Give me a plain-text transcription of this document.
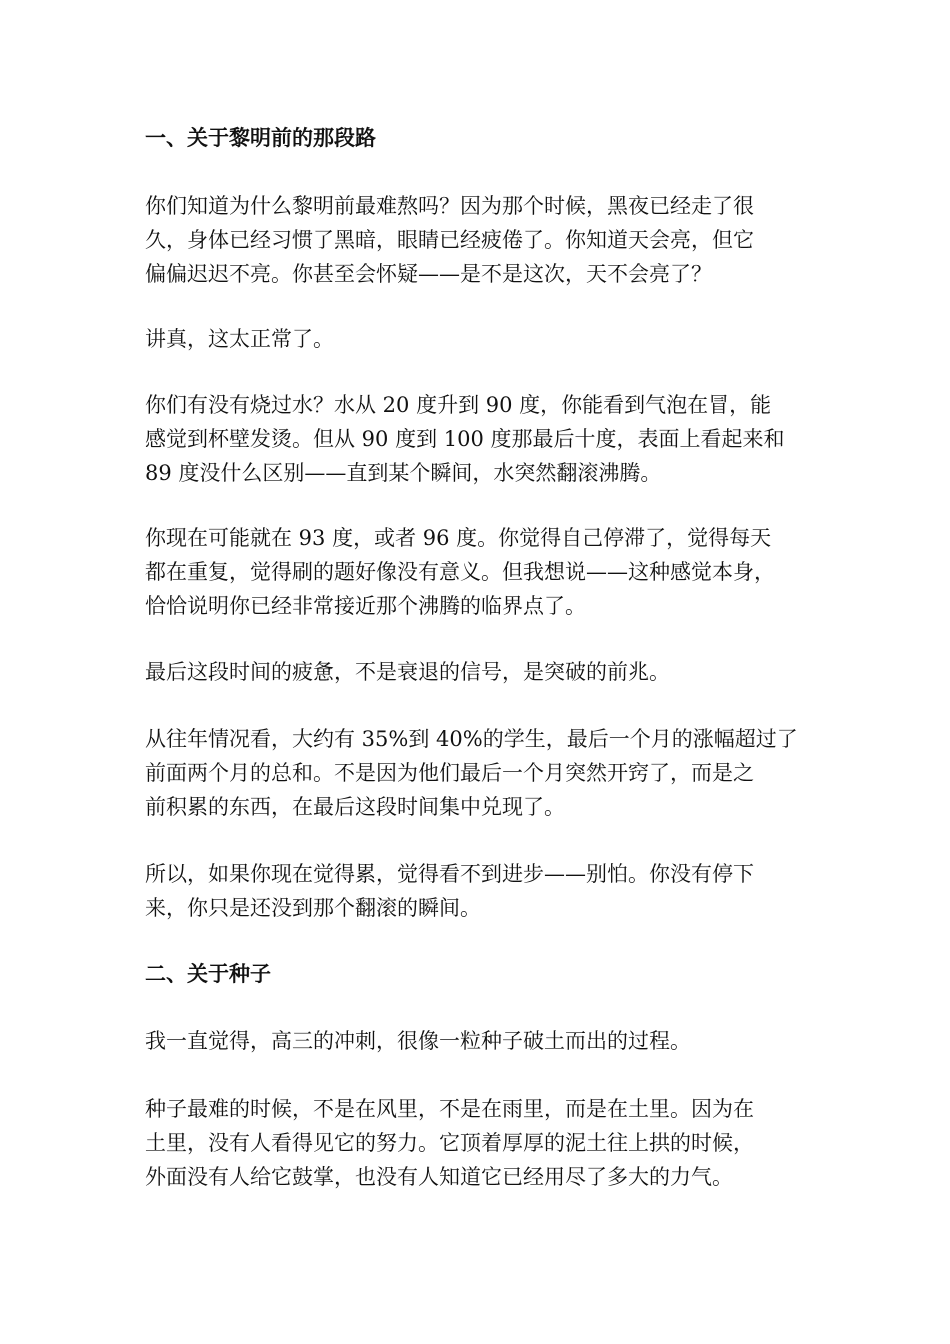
一、关于黎明前的那段路
你们知道为什么黎明前最难熬吗？因为那个时候，黑夜已经走了很
久，身体已经习惯了黑暗，眼睛已经疲倦了。你知道天会亮，但它
偏偏迟迟不亮。你甚至会怀疑——是不是这次，天不会亮了？
讲真，这太正常了。
你们有没有烧过水？水从 20 度升到 90 度，你能看到气泡在冒，能
感觉到杯壁发烫。但从 90 度到 100 度那最后十度，表面上看起来和
89 度没什么区别——直到某个瞬间，水突然翻滚沸腾。
你现在可能就在 93 度，或者 96 度。你觉得自己停滞了，觉得每天
都在重复，觉得刷的题好像没有意义。但我想说——这种感觉本身，
恰恰说明你已经非常接近那个沸腾的临界点了。
最后这段时间的疲惫，不是衰退的信号，是突破的前兆。
从往年情况看，大约有 35%到 40%的学生，最后一个月的涨幅超过了
前面两个月的总和。不是因为他们最后一个月突然开窍了，而是之
前积累的东西，在最后这段时间集中兑现了。
所以，如果你现在觉得累，觉得看不到进步——别怕。你没有停下
来，你只是还没到那个翻滚的瞬间。
二、关于种子
我一直觉得，高三的冲刺，很像一粒种子破土而出的过程。
种子最难的时候，不是在风里，不是在雨里，而是在土里。因为在
土里，没有人看得见它的努力。它顶着厚厚的泥土往上拱的时候，
外面没有人给它鼓掌，也没有人知道它已经用尽了多大的力气。
